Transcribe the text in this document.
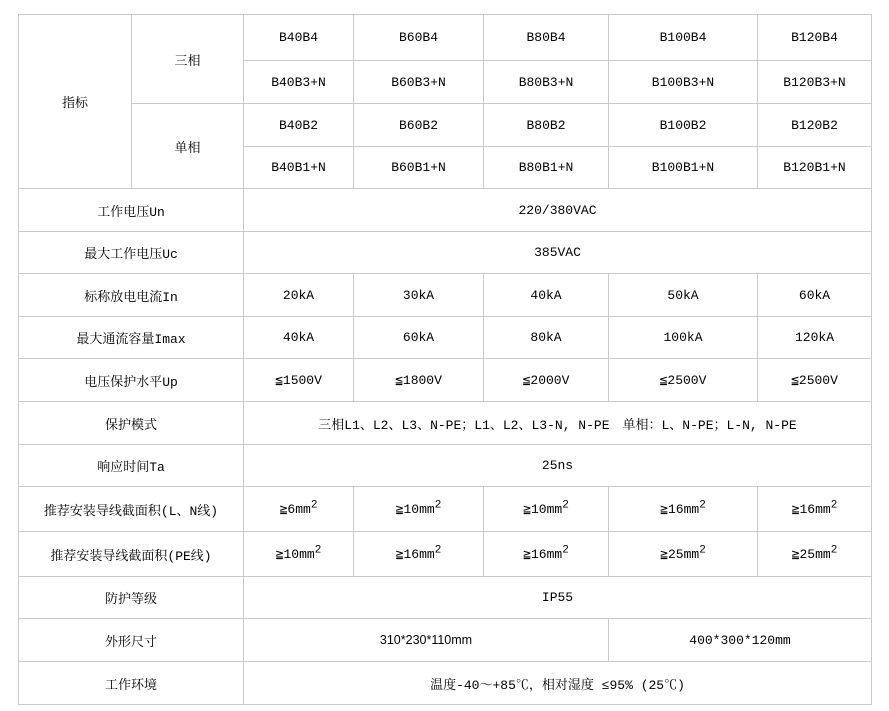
指标	三相	B40B4	B60B4	B80B4	B100B4	B120B4
		B40B3+N	B60B3+N	B80B3+N	B100B3+N	B120B3+N
	单相	B40B2	B60B2	B80B2	B100B2	B120B2
		B40B1+N	B60B1+N	B80B1+N	B100B1+N	B120B1+N
工作电压Un		220/380VAC				
最大工作电压Uc		385VAC				
标称放电电流In		20kA	30kA	40kA	50kA	60kA
最大通流容量Imax		40kA	60kA	80kA	100kA	120kA
电压保护水平Up		≦1500V	≦1800V	≦2000V	≦2500V	≦2500V
保护模式		三相L1、L2、L3、N-PE；L1、L2、L3-N, N-PE　单相：L、N-PE；L-N, N-PE				
响应时间Ta		25ns				
推荐安装导线截面积(L、N线)		$≧6mm^2$	$≧10mm^2$	$≧10mm^2$	$≧16mm^2$	$≧16mm^2$
推荐安装导线截面积(PE线)		$≧10mm^2$	$≧16mm^2$	$≧16mm^2$	$≧25mm^2$	$≧25mm^2$
防护等级		IP55				
外形尺寸		310*230*110mm			400*300*120mm	
工作环境		温度-40～+85℃，相对湿度 ≤95% (25℃)				
